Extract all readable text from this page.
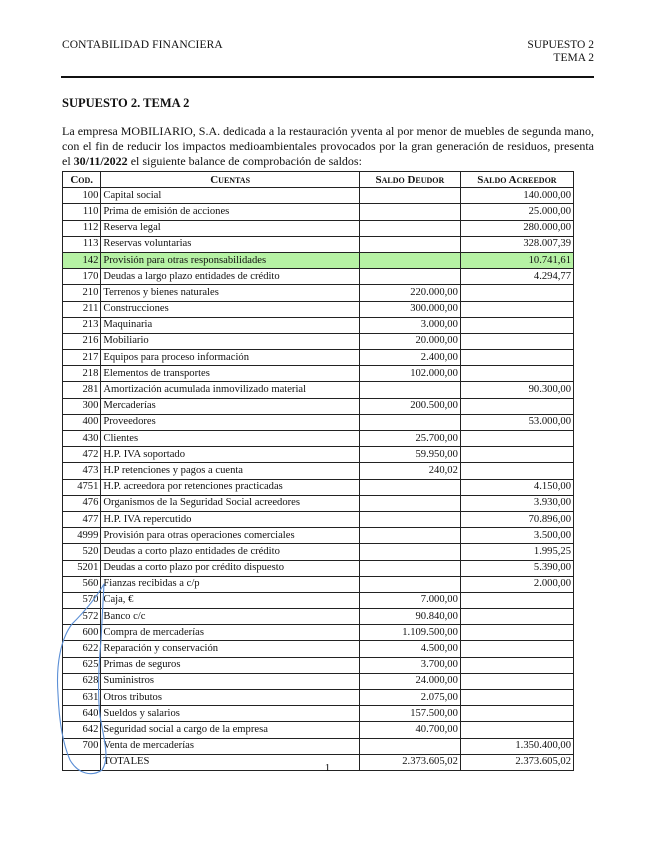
CONTABILIDAD FINANCIERA	SUPUESTO 2
TEMA 2
SUPUESTO 2. TEMA 2
La empresa MOBILIARIO, S.A. dedicada a la restauración yventa al por menor de muebles de segunda mano, con el fin de reducir los impactos medioambientales provocados por la gran generación de residuos, presenta el 30/11/2022 el siguiente balance de comprobación de saldos:
Cod.	Cuentas	Saldo Deudor	Saldo Acreedor
100	Capital social		140.000,00
110	Prima de emisión de acciones		25.000,00
112	Reserva legal		280.000,00
113	Reservas voluntarias		328.007,39
142	Provisión para otras responsabilidades		10.741,61
170	Deudas a largo plazo entidades de crédito		4.294,77
210	Terrenos y bienes naturales	220.000,00	
211	Construcciones	300.000,00	
213	Maquinaria	3.000,00	
216	Mobiliario	20.000,00	
217	Equipos para proceso información	2.400,00	
218	Elementos de transportes	102.000,00	
281	Amortización acumulada inmovilizado material		90.300,00
300	Mercaderías	200.500,00	
400	Proveedores		53.000,00
430	Clientes	25.700,00	
472	H.P. IVA soportado	59.950,00	
473	H.P retenciones y pagos a cuenta	240,02	
4751	H.P. acreedora por retenciones practicadas		4.150,00
476	Organismos de la Seguridad Social acreedores		3.930,00
477	H.P. IVA repercutido		70.896,00
4999	Provisión para otras operaciones comerciales		3.500,00
520	Deudas a corto plazo entidades de crédito		1.995,25
5201	Deudas a corto plazo por crédito dispuesto		5.390,00
560	Fianzas recibidas a c/p		2.000,00
570	Caja, €	7.000,00	
572	Banco c/c	90.840,00	
600	Compra de mercaderías	1.109.500,00	
622	Reparación y conservación	4.500,00	
625	Primas de seguros	3.700,00	
628	Suministros	24.000,00	
631	Otros tributos	2.075,00	
640	Sueldos y salarios	157.500,00	
642	Seguridad social a cargo de la empresa	40.700,00	
700	Venta de mercaderías		1.350.400,00
	TOTALES	2.373.605,02	2.373.605,02
1
